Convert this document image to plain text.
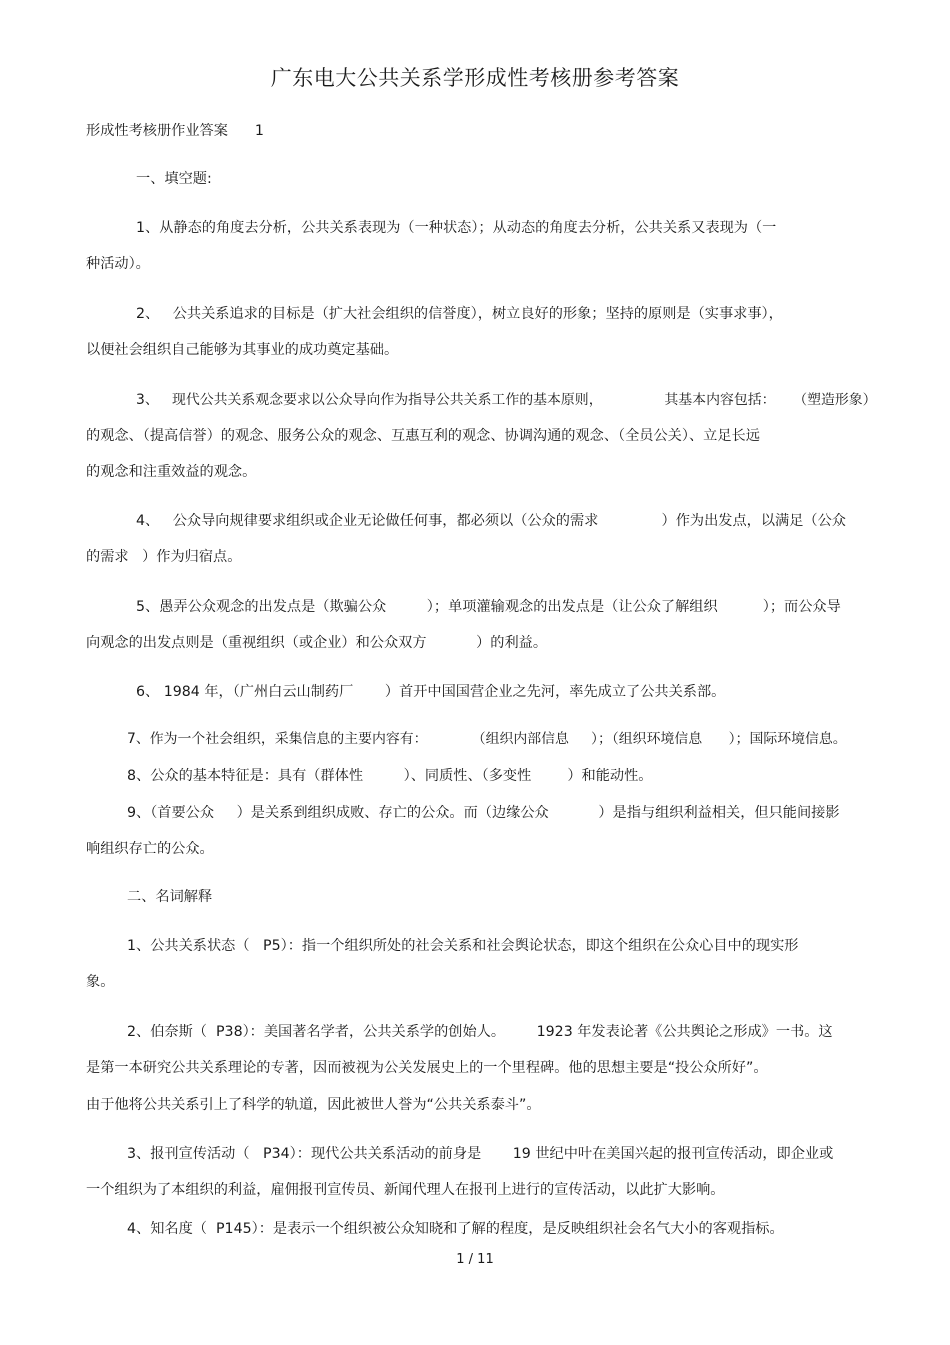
广东电大公共关系学形成性考核册参考答案
形成性考核册作业答案      1
一、填空题:
1、从静态的角度去分析，公共关系表现为（一种状态）；从动态的角度去分析，公共关系又表现为（一
种活动）。
2、   公共关系追求的目标是（扩大社会组织的信誉度），树立良好的形象；坚持的原则是（实事求事），
以便社会组织自己能够为其事业的成功奠定基础。
3、   现代公共关系观念要求以公众导向作为指导公共关系工作的基本原则，              其基本内容包括：    （塑造形象）
的观念、（提高信誉）的观念、服务公众的观念、互惠互利的观念、协调沟通的观念、（全员公关）、立足长远
的观念和注重效益的观念。
4、   公众导向规律要求组织或企业无论做任何事，都必须以（公众的需求              ）作为出发点，以满足（公众
的需求   ）作为归宿点。
5、愚弄公众观念的出发点是（欺骗公众         ）；单项灌输观念的出发点是（让公众了解组织          ）；而公众导
向观念的出发点则是（重视组织（或企业）和公众双方           ）的利益。
6、 1984 年，（广州白云山制药厂       ）首开中国国营企业之先河，率先成立了公共关系部。
7、作为一个社会组织，采集信息的主要内容有：          （组织内部信息     ）；（组织环境信息      ）；国际环境信息。
8、公众的基本特征是：具有（群体性         ）、同质性、（多变性        ）和能动性。
9、（首要公众     ）是关系到组织成败、存亡的公众。而（边缘公众           ）是指与组织利益相关，但只能间接影
响组织存亡的公众。
二、名词解释
1、公共关系状态（   P5）：指一个组织所处的社会关系和社会舆论状态，即这个组织在公众心目中的现实形
象。
2、伯奈斯（  P38）：美国著名学者，公共关系学的创始人。       1923 年发表论著《公共舆论之形成》一书。这
是第一本研究公共关系理论的专著，因而被视为公关发展史上的一个里程碑。他的思想主要是“投公众所好”。
由于他将公共关系引上了科学的轨道，因此被世人誉为“公共关系泰斗”。
3、报刊宣传活动（   P34）：现代公共关系活动的前身是       19 世纪中叶在美国兴起的报刊宣传活动，即企业或
一个组织为了本组织的利益，雇佣报刊宣传员、新闻代理人在报刊上进行的宣传活动，以此扩大影响。
4、知名度（  P145）：是表示一个组织被公众知晓和了解的程度，是反映组织社会名气大小的客观指标。
1 / 11
